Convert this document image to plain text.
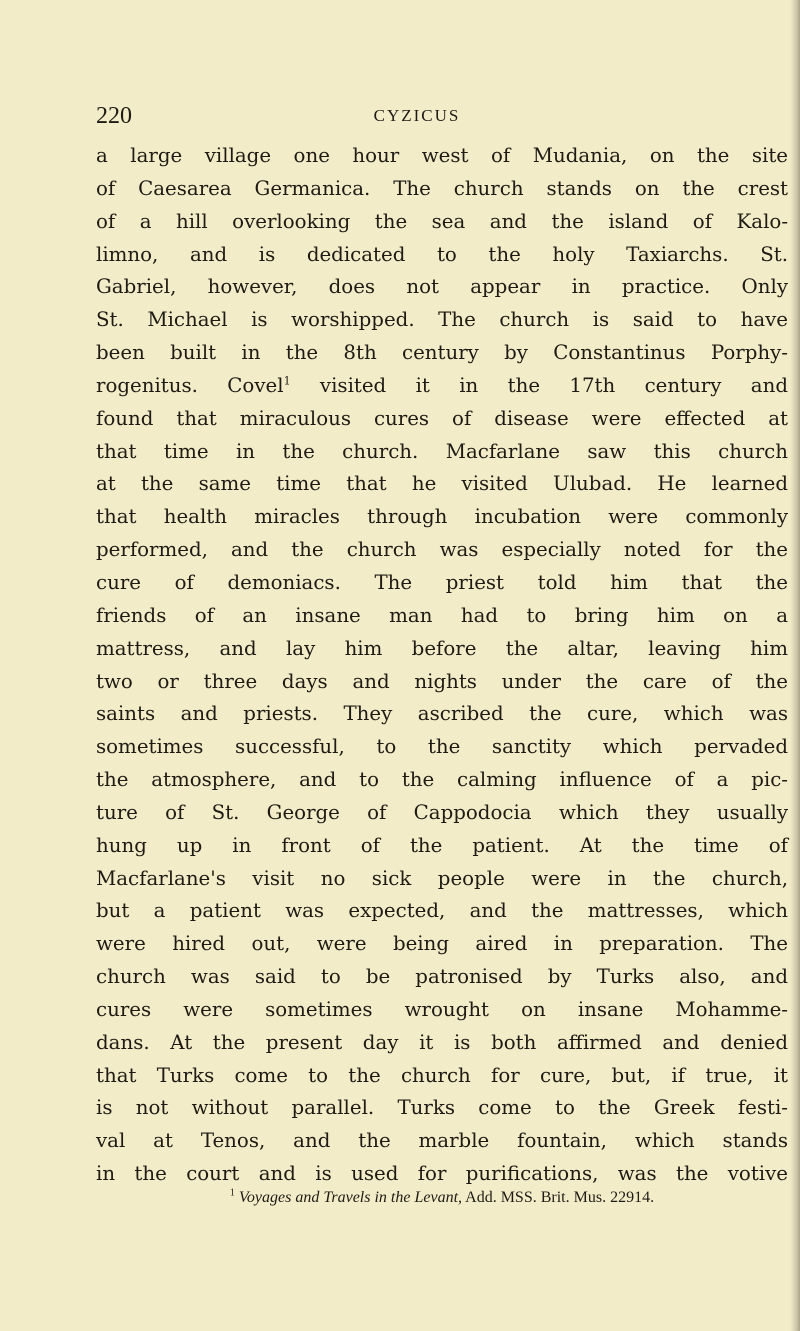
220	CYZICUS
a large village one hour west of Mudania, on the site
of Caesarea Germanica. The church stands on the crest
of a hill overlooking the sea and the island of Kalo-
limno, and is dedicated to the holy Taxiarchs. St.
Gabriel, however, does not appear in practice. Only
St. Michael is worshipped. The church is said to have
been built in the 8th century by Constantinus Porphy-
rogenitus. Covel$^1$ visited it in the 17th century and
found that miraculous cures of disease were effected at
that time in the church. Macfarlane saw this church
at the same time that he visited Ulubad. He learned
that health miracles through incubation were commonly
performed, and the church was especially noted for the
cure of demoniacs. The priest told him that the
friends of an insane man had to bring him on a
mattress, and lay him before the altar, leaving him
two or three days and nights under the care of the
saints and priests. They ascribed the cure, which was
sometimes successful, to the sanctity which pervaded
the atmosphere, and to the calming influence of a pic-
ture of St. George of Cappodocia which they usually
hung up in front of the patient. At the time of
Macfarlane's visit no sick people were in the church,
but a patient was expected, and the mattresses, which
were hired out, were being aired in preparation. The
church was said to be patronised by Turks also, and
cures were sometimes wrought on insane Mohamme-
dans. At the present day it is both affirmed and denied
that Turks come to the church for cure, but, if true, it
is not without parallel. Turks come to the Greek festi-
val at Tenos, and the marble fountain, which stands
in the court and is used for purifications, was the votive
$^1$ Voyages and Travels in the Levant, Add. MSS. Brit. Mus. 22914.
